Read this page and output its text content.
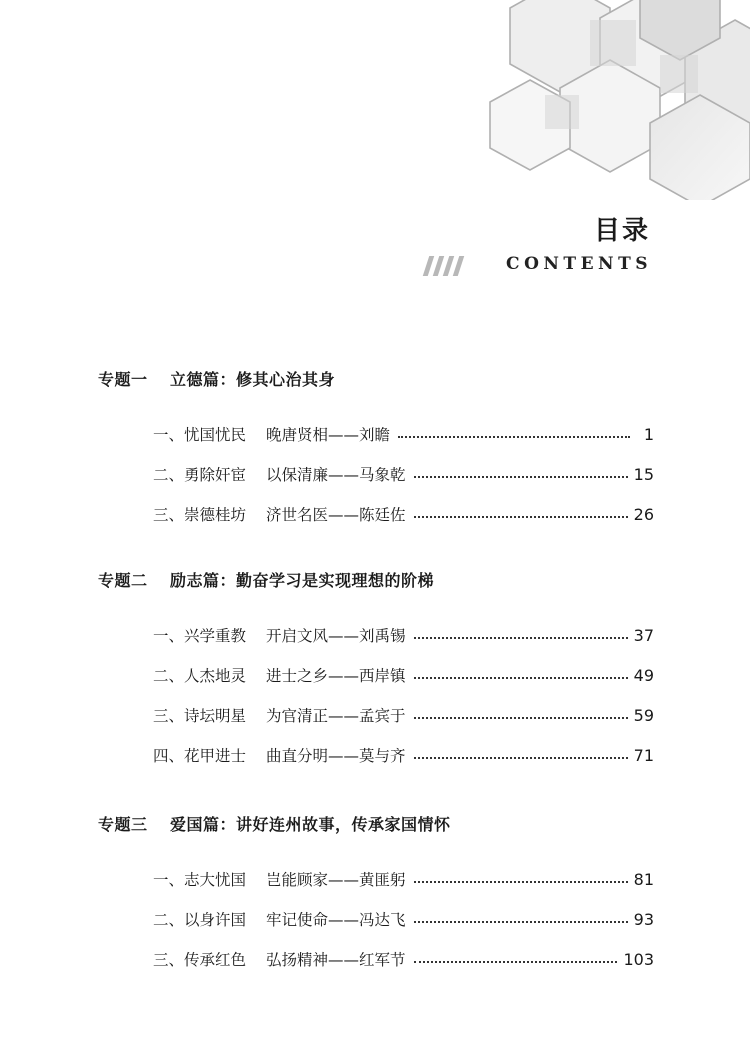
目录
CONTENTS
专题一 立德篇：修其心治其身
一、忧国忧民	晚唐贤相——刘瞻	1
二、勇除奸宦	以保清廉——马象乾	15
三、崇德桂坊	济世名医——陈廷佐	26
专题二 励志篇：勤奋学习是实现理想的阶梯
一、兴学重教	开启文风——刘禹锡	37
二、人杰地灵	进士之乡——西岸镇	49
三、诗坛明星	为官清正——孟宾于	59
四、花甲进士	曲直分明——莫与齐	71
专题三 爱国篇：讲好连州故事，传承家国情怀
一、志大忧国	岂能顾家——黄匪躬	81
二、以身许国	牢记使命——冯达飞	93
三、传承红色	弘扬精神——红军节	103
